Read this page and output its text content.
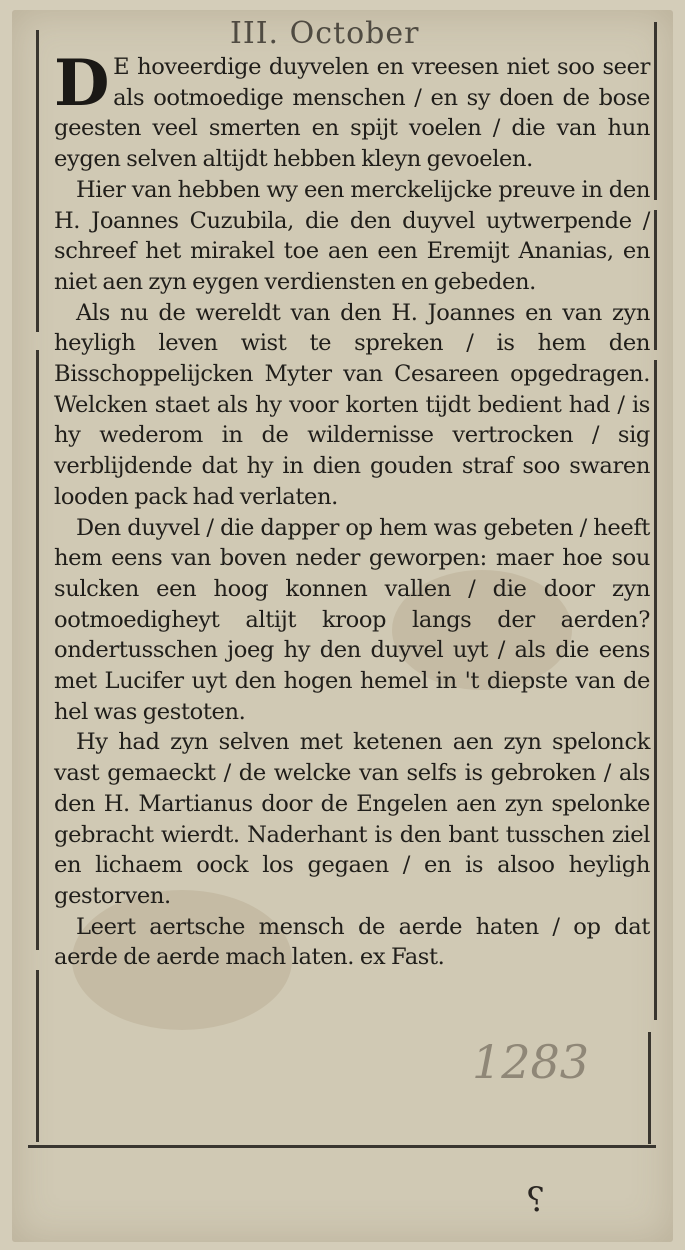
III. October

D E hoveerdige duyvelen en vreesen niet soo seer als ootmoedige menschen / en sy doen de bose geesten veel smerten en spijt voelen / die van hun eygen selven altijdt hebben kleyn gevoelen.

Hier van hebben wy een merckelijcke preuve in den H. Joannes Cuzubila, die den duyvel uytwerpende / schreef het mirakel toe aen een Eremijt Ananias, en niet aen zyn eygen verdiensten en gebeden.

Als nu de wereldt van den H. Joannes en van zyn heyligh leven wist te spreken / is hem den Bisschoppelijcken Myter van Cesareen opgedragen. Welcken staet als hy voor korten tijdt bedient had / is hy wederom in de wildernisse vertrocken / sig verblijdende dat hy in dien gouden straf soo swaren looden pack had verlaten.

Den duyvel / die dapper op hem was gebeten / heeft hem eens van boven neder geworpen: maer hoe sou sulcken een hoog konnen vallen / die door zyn ootmoedigheyt altijt kroop langs der aerden? ondertusschen joeg hy den duyvel uyt / als die eens met Lucifer uyt den hogen hemel in 't diepste van de hel was gestoten.

Hy had zyn selven met ketenen aen zyn spelonck vast gemaeckt / de welcke van selfs is gebroken / als den H. Martianus door de Engelen aen zyn spelonke gebracht wierdt. Naderhant is den bant tusschen ziel en lichaem oock los gegaen / en is alsoo heyligh gestorven.

Leert aertsche mensch de aerde haten / op dat aerde de aerde mach laten. ex Fast.

1283
⸮
